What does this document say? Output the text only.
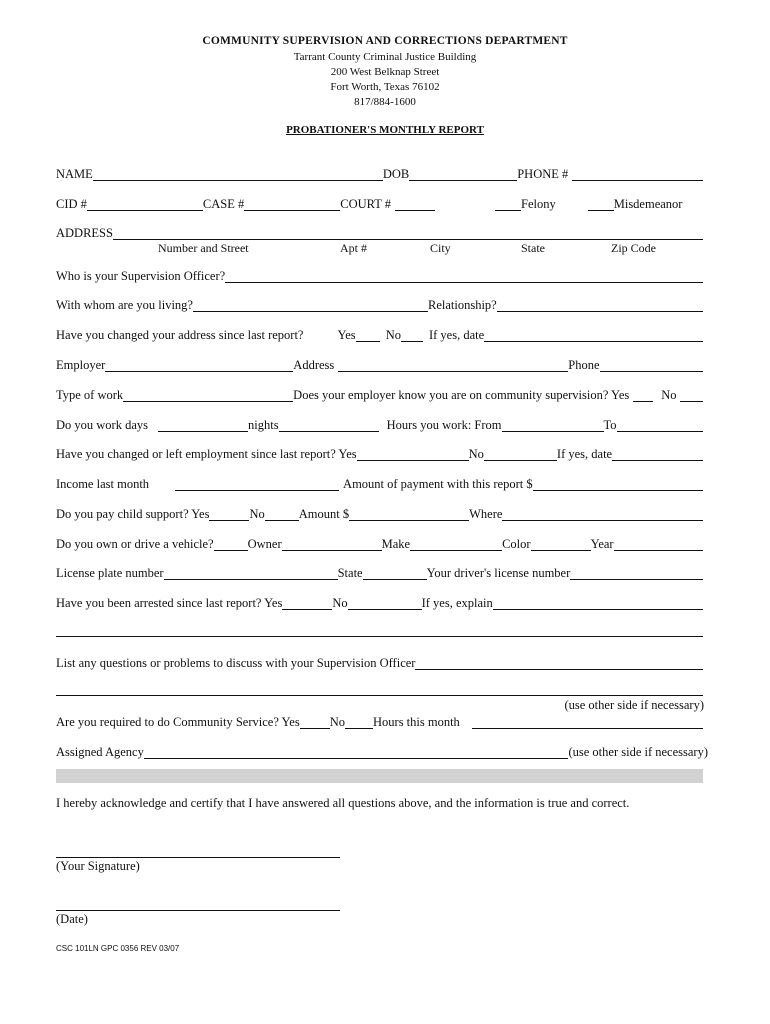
COMMUNITY SUPERVISION AND CORRECTIONS DEPARTMENT
Tarrant County Criminal Justice Building
200 West Belknap Street
Fort Worth, Texas 76102
817/884-1600
PROBATIONER'S MONTHLY REPORT
NAME	DOB	PHONE #
CID #	CASE #	COURT #	Felony	Misdemeanor
ADDRESS
Number and Street	Apt #	City	State	Zip Code
Who is your Supervision Officer?
With whom are you living?	Relationship?
Have you changed your address since last report?	Yes No If yes, date
Employer	Address	Phone
Type of work	Does your employer know you are on community supervision? Yes	No
Do you work days	nights	Hours you work: From	To
Have you changed or left employment since last report? Yes	No	If yes, date
Income last month	Amount of payment with this report $
Do you pay child support? Yes	No	Amount $	Where
Do you own or drive a vehicle?	Owner	Make	Color	Year
License plate number	State	Your driver's license number
Have you been arrested since last report? Yes	No	If yes, explain
List any questions or problems to discuss with your Supervision Officer
(use other side if necessary)
Are you required to do Community Service? Yes No Hours this month
Assigned Agency	(use other side if necessary)
I hereby acknowledge and certify that I have answered all questions above, and the information is true and correct.
(Your Signature)
(Date)
CSC 101LN GPC 0356 REV 03/07
